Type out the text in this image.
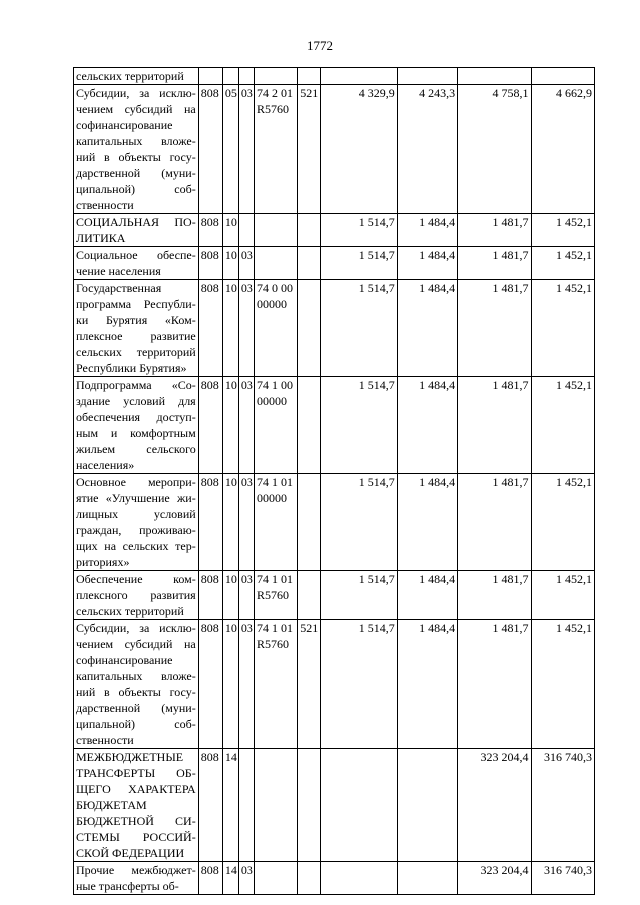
1772
сельских территорий									
Субсидии, за исклю-чением субсидий на софинансирование капитальных вложе-ний в объекты госу-дарственной (муни-ципальной) соб-ственности	808	05	03	74 2 01 R5760	521	4 329,9	4 243,3	4 758,1	4 662,9
СОЦИАЛЬНАЯ ПО-ЛИТИКА	808	10				1 514,7	1 484,4	1 481,7	1 452,1
Социальное обеспе-чение населения	808	10	03			1 514,7	1 484,4	1 481,7	1 452,1
Государственная программа Республи-ки Бурятия «Ком-плексное развитие сельских территорий Республики Бурятия»	808	10	03	74 0 00 00000		1 514,7	1 484,4	1 481,7	1 452,1
Подпрограмма «Со-здание условий для обеспечения доступ-ным и комфортным жильем сельского населения»	808	10	03	74 1 00 00000		1 514,7	1 484,4	1 481,7	1 452,1
Основное меропри-ятие «Улучшение жи-лищных условий граждан, проживаю-щих на сельских тер-риториях»	808	10	03	74 1 01 00000		1 514,7	1 484,4	1 481,7	1 452,1
Обеспечение ком-плексного развития сельских территорий	808	10	03	74 1 01 R5760		1 514,7	1 484,4	1 481,7	1 452,1
Субсидии, за исклю-чением субсидий на софинансирование капитальных вложе-ний в объекты госу-дарственной (муни-ципальной) соб-ственности	808	10	03	74 1 01 R5760	521	1 514,7	1 484,4	1 481,7	1 452,1
МЕЖБЮДЖЕТНЫЕ ТРАНСФЕРТЫ ОБ-ЩЕГО ХАРАКТЕРА БЮДЖЕТАМ БЮДЖЕТНОЙ СИ-СТЕМЫ РОССИЙ-СКОЙ ФЕДЕРАЦИИ	808	14						323 204,4	316 740,3
Прочие межбюджет-ные трансферты об-	808	14	03					323 204,4	316 740,3
